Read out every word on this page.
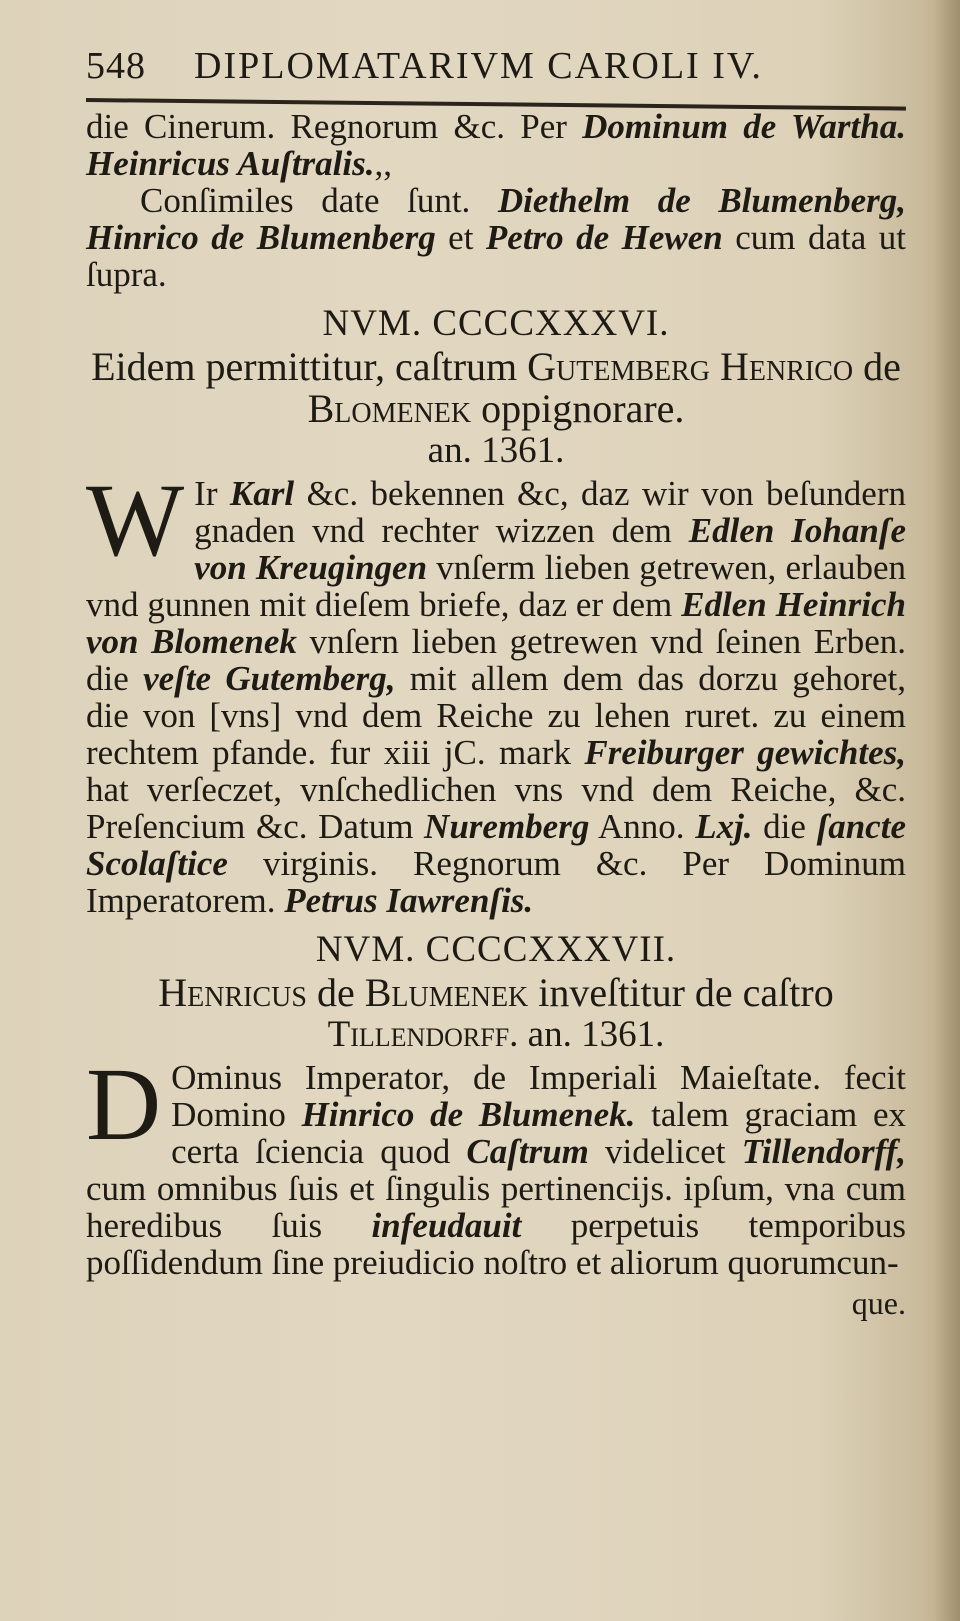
548 DIPLOMATARIVM CAROLI IV.

die Cinerum. Regnorum &c. Per Dominum de Wartha. Heinricus Auſtralis.,,

Conſimiles date ſunt. Diethelm de Blumenberg, Hinrico de Blumenberg et Petro de Hewen cum data ut ſupra.

NVM. CCCCXXXVI.

Eidem permittitur, caſtrum Gutemberg Henrico de Blomenek oppignorare.

an. 1361.

W Ir Karl &c. bekennen &c, daz wir von beſundern gnaden vnd rechter wizzen dem Edlen Iohanſe von Kreugingen vnſerm lieben getrewen, erlauben vnd gunnen mit dieſem briefe, daz er dem Edlen Heinrich von Blomenek vnſern lieben getrewen vnd ſeinen Erben. die veſte Gutemberg, mit allem dem das dorzu gehoret, die von [vns] vnd dem Reiche zu lehen ruret. zu einem rechtem pfande. fur xiii jC. mark Freiburger gewichtes, hat verſeczet, vnſchedlichen vns vnd dem Reiche, &c. Preſencium &c. Datum Nuremberg Anno. Lxj. die ſancte Scolaſtice virginis. Regnorum &c. Per Dominum Imperatorem. Petrus Iawrenſis.

NVM. CCCCXXXVII.

Henricus de Blumenek inveſtitur de caſtro

Tillendorff. an. 1361.

D Ominus Imperator, de Imperiali Maieſtate. fecit Domino Hinrico de Blumenek. talem graciam ex certa ſciencia quod Caſtrum videlicet Tillendorff, cum omnibus ſuis et ſingulis pertinencijs. ipſum, vna cum heredibus ſuis infeudauit perpetuis temporibus poſſidendum ſine preiudicio noſtro et aliorum quorumcun-

que.
